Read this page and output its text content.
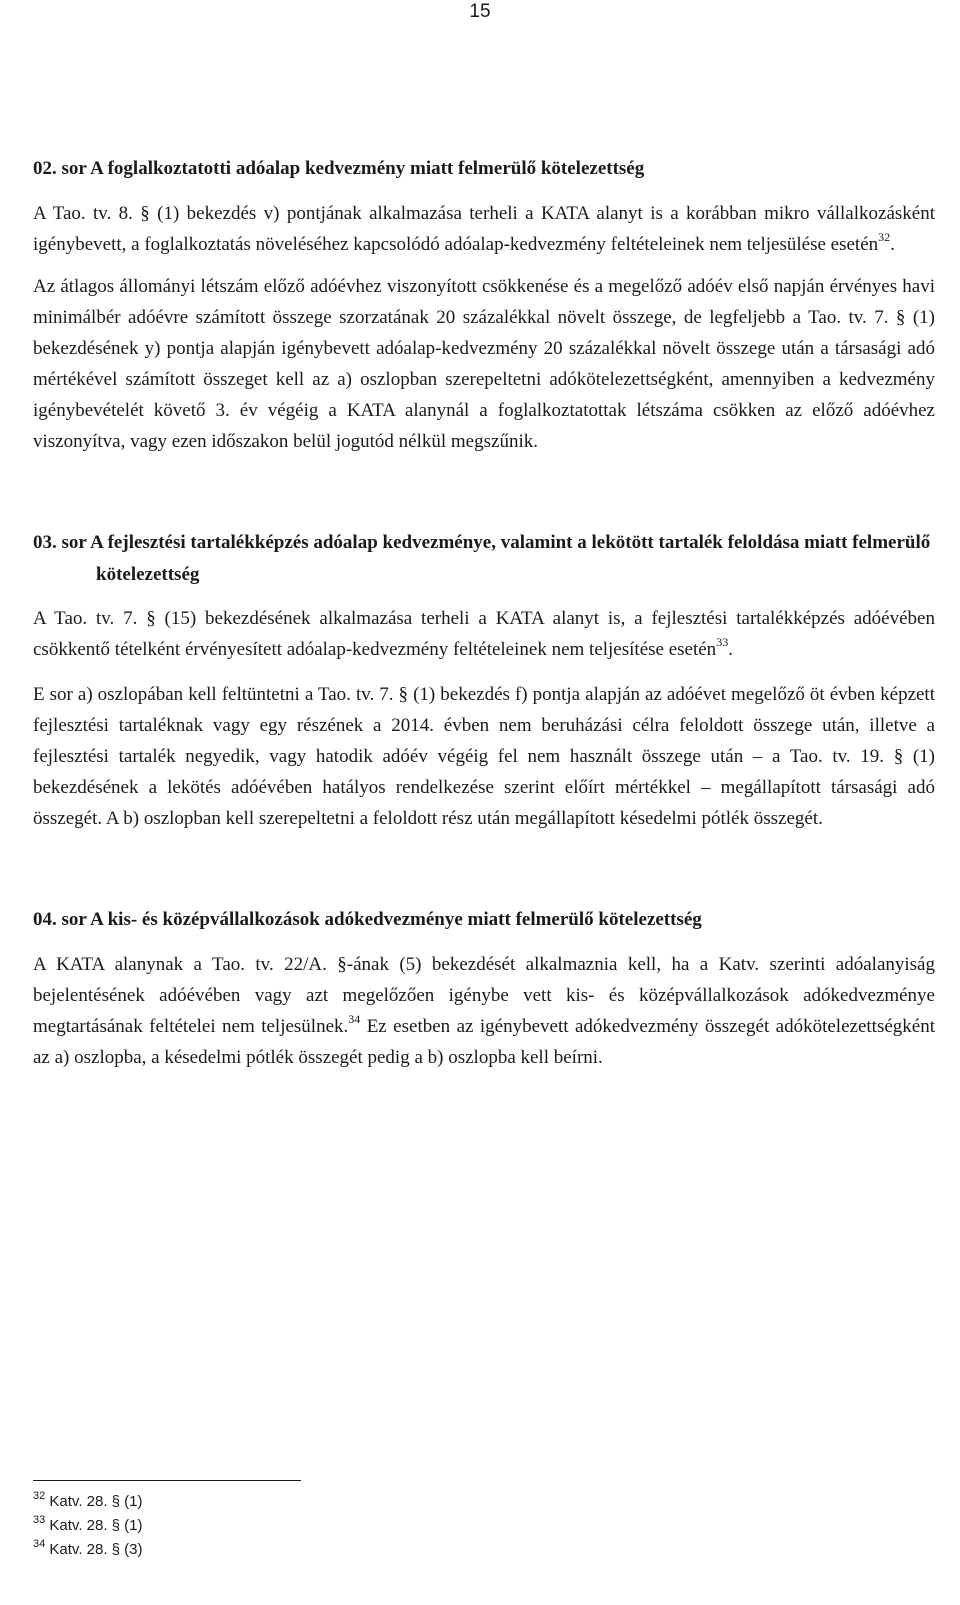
15
02. sor A foglalkoztatotti adóalap kedvezmény miatt felmerülő kötelezettség

A Tao. tv. 8. § (1) bekezdés v) pontjának alkalmazása terheli a KATA alanyt is a korábban mikro vállalkozásként igénybevett, a foglalkoztatás növeléséhez kapcsolódó adóalap-kedvezmény feltételeinek nem teljesülése esetén$^{32}$.

Az átlagos állományi létszám előző adóévhez viszonyított csökkenése és a megelőző adóév első napján érvényes havi minimálbér adóévre számított összege szorzatának 20 százalékkal növelt összege, de legfeljebb a Tao. tv. 7. § (1) bekezdésének y) pontja alapján igénybevett adóalap-kedvezmény 20 százalékkal növelt összege után a társasági adó mértékével számított összeget kell az a) oszlopban szerepeltetni adókötelezettségként, amennyiben a kedvezmény igénybevételét követő 3. év végéig a KATA alanynál a foglalkoztatottak létszáma csökken az előző adóévhez viszonyítva, vagy ezen időszakon belül jogutód nélkül megszűnik.

03. sor A fejlesztési tartalékképzés adóalap kedvezménye, valamint a lekötött tartalék feloldása miatt felmerülő kötelezettség

A Tao. tv. 7. § (15) bekezdésének alkalmazása terheli a KATA alanyt is, a fejlesztési tartalékképzés adóévében csökkentő tételként érvényesített adóalap-kedvezmény feltételeinek nem teljesítése esetén$^{33}$.

E sor a) oszlopában kell feltüntetni a Tao. tv. 7. § (1) bekezdés f) pontja alapján az adóévet megelőző öt évben képzett fejlesztési tartaléknak vagy egy részének a 2014. évben nem beruházási célra feloldott összege után, illetve a fejlesztési tartalék negyedik, vagy hatodik adóév végéig fel nem használt összege után – a Tao. tv. 19. § (1) bekezdésének a lekötés adóévében hatályos rendelkezése szerint előírt mértékkel – megállapított társasági adó összegét. A b) oszlopban kell szerepeltetni a feloldott rész után megállapított késedelmi pótlék összegét.

04. sor A kis- és középvállalkozások adókedvezménye miatt felmerülő kötelezettség

A KATA alanynak a Tao. tv. 22/A. §-ának (5) bekezdését alkalmaznia kell, ha a Katv. szerinti adóalanyiság bejelentésének adóévében vagy azt megelőzően igénybe vett kis- és középvállalkozások adókedvezménye megtartásának feltételei nem teljesülnek.$^{34}$ Ez esetben az igénybevett adókedvezmény összegét adókötelezettségként az a) oszlopba, a késedelmi pótlék összegét pedig a b) oszlopba kell beírni.

$^{32}$ Katv. 28. § (1)
$^{33}$ Katv. 28. § (1)
$^{34}$ Katv. 28. § (3)
